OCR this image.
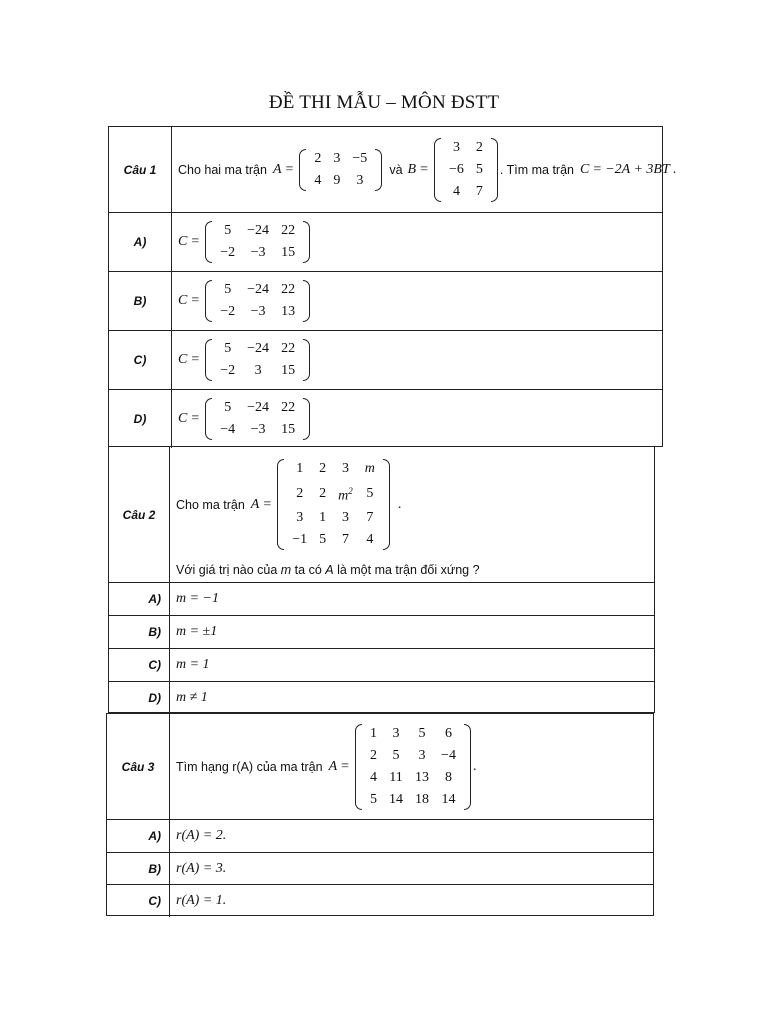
ĐỀ THI MẪU – MÔN ĐSTT
Câu 1	Cho hai ma trận A =
2	3	−5
4	9	3
và B =
3	2
−6	5
4	7
. Tìm ma trận C = −2A + 3B T .
A)	C =
5	−24	22
−2	−3	15
B)	C =
5	−24	22
−2	−3	13
C)	C =
5	−24	22
−2	3	15
D)	C =
5	−24	22
−4	−3	15
Câu 2
Cho ma trận A =
1	2	3	m
2	2	$m^2$	5
3	1	3	7
−1	5	7	4
.
Với giá trị nào của m ta có A là một ma trận đối xứng ?
A)	m = −1
B)	m = ±1
C)	m = 1
D)	m ≠ 1
Câu 3	Tìm hạng r(A) của ma trận A =
1	3	5	6
2	5	3	−4
4	11	13	8
5	14	18	14
.
A)	r(A) = 2.
B)	r(A) = 3.
C)	r(A) = 1.
